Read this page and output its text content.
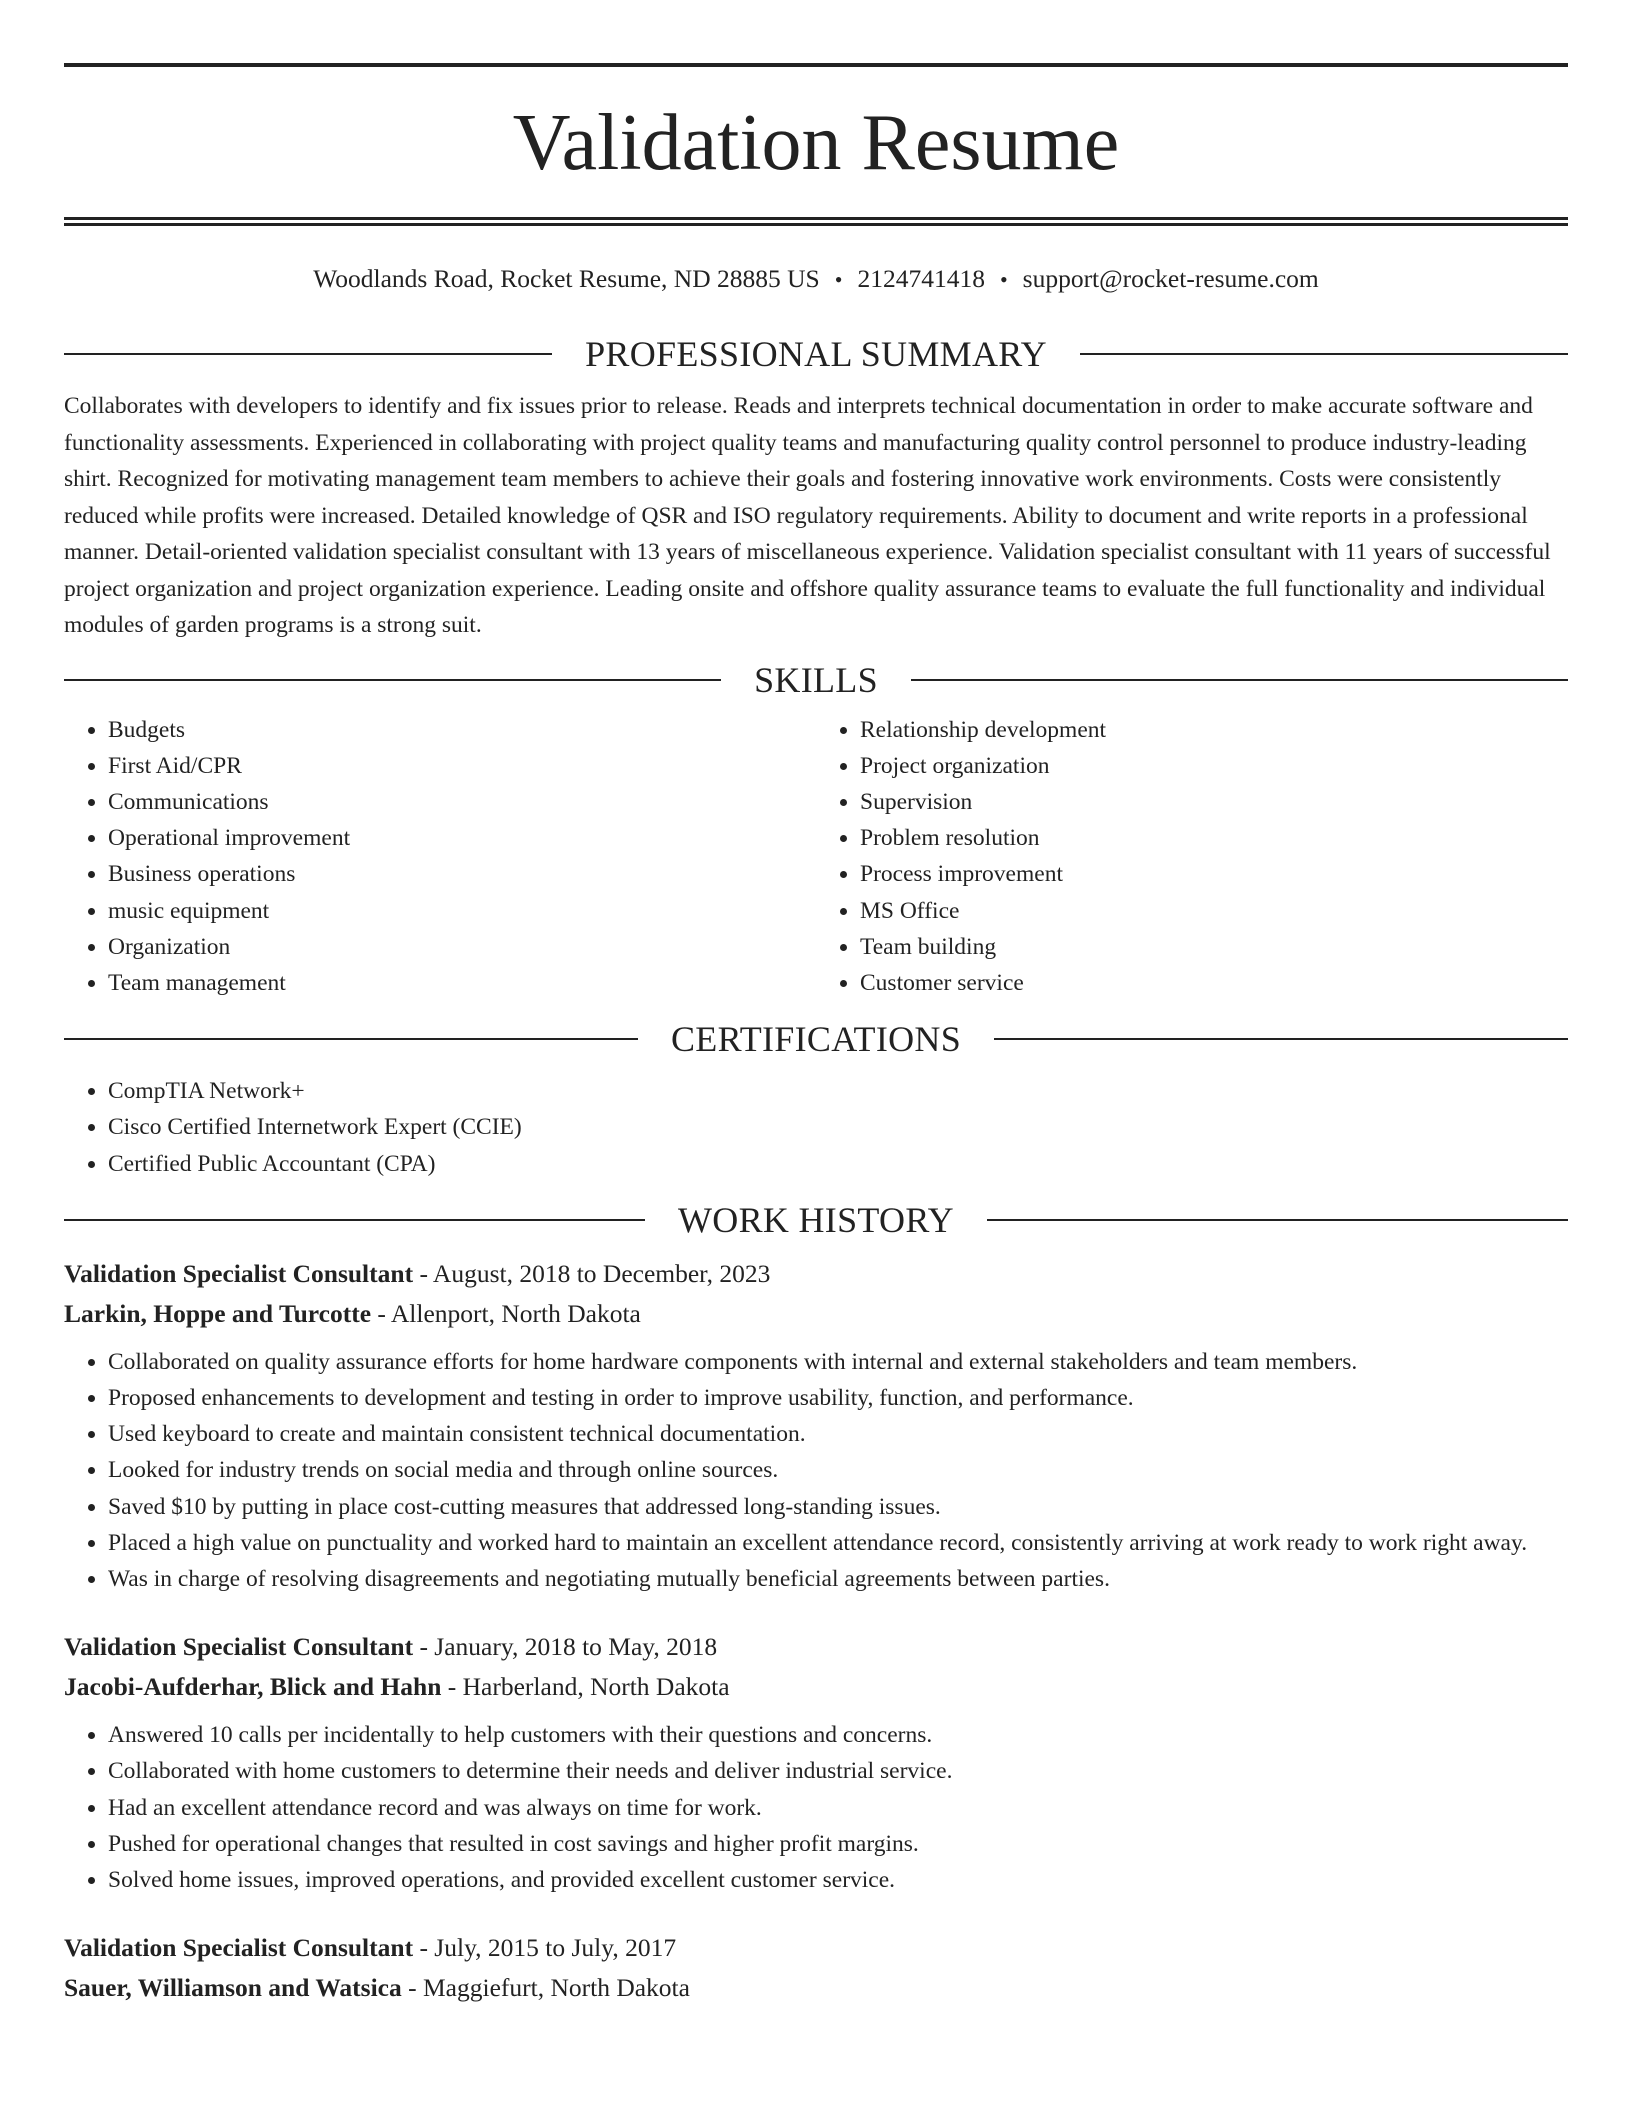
Validation Resume
Woodlands Road, Rocket Resume, ND 28885 US • 2124741418 • support@rocket-resume.com
PROFESSIONAL SUMMARY

Collaborates with developers to identify and fix issues prior to release. Reads and interprets technical documentation in order to make accurate software and functionality assessments. Experienced in collaborating with project quality teams and manufacturing quality control personnel to produce industry-leading shirt. Recognized for motivating management team members to achieve their goals and fostering innovative work environments. Costs were consistently reduced while profits were increased. Detailed knowledge of QSR and ISO regulatory requirements. Ability to document and write reports in a professional manner. Detail-oriented validation specialist consultant with 13 years of miscellaneous experience. Validation specialist consultant with 11 years of successful project organization and project organization experience. Leading onsite and offshore quality assurance teams to evaluate the full functionality and individual modules of garden programs is a strong suit.

SKILLS
• Budgets
• First Aid/CPR
• Communications
• Operational improvement
• Business operations
• music equipment
• Organization
• Team management
• Relationship development
• Project organization
• Supervision
• Problem resolution
• Process improvement
• MS Office
• Team building
• Customer service
CERTIFICATIONS
• CompTIA Network+
• Cisco Certified Internetwork Expert (CCIE)
• Certified Public Accountant (CPA)
WORK HISTORY
Validation Specialist Consultant - August, 2018 to December, 2023
Larkin, Hoppe and Turcotte - Allenport, North Dakota
• Collaborated on quality assurance efforts for home hardware components with internal and external stakeholders and team members.
• Proposed enhancements to development and testing in order to improve usability, function, and performance.
• Used keyboard to create and maintain consistent technical documentation.
• Looked for industry trends on social media and through online sources.
• Saved $10 by putting in place cost-cutting measures that addressed long-standing issues.
• Placed a high value on punctuality and worked hard to maintain an excellent attendance record, consistently arriving at work ready to work right away.
• Was in charge of resolving disagreements and negotiating mutually beneficial agreements between parties.
Validation Specialist Consultant - January, 2018 to May, 2018
Jacobi-Aufderhar, Blick and Hahn - Harberland, North Dakota
• Answered 10 calls per incidentally to help customers with their questions and concerns.
• Collaborated with home customers to determine their needs and deliver industrial service.
• Had an excellent attendance record and was always on time for work.
• Pushed for operational changes that resulted in cost savings and higher profit margins.
• Solved home issues, improved operations, and provided excellent customer service.
Validation Specialist Consultant - July, 2015 to July, 2017
Sauer, Williamson and Watsica - Maggiefurt, North Dakota
